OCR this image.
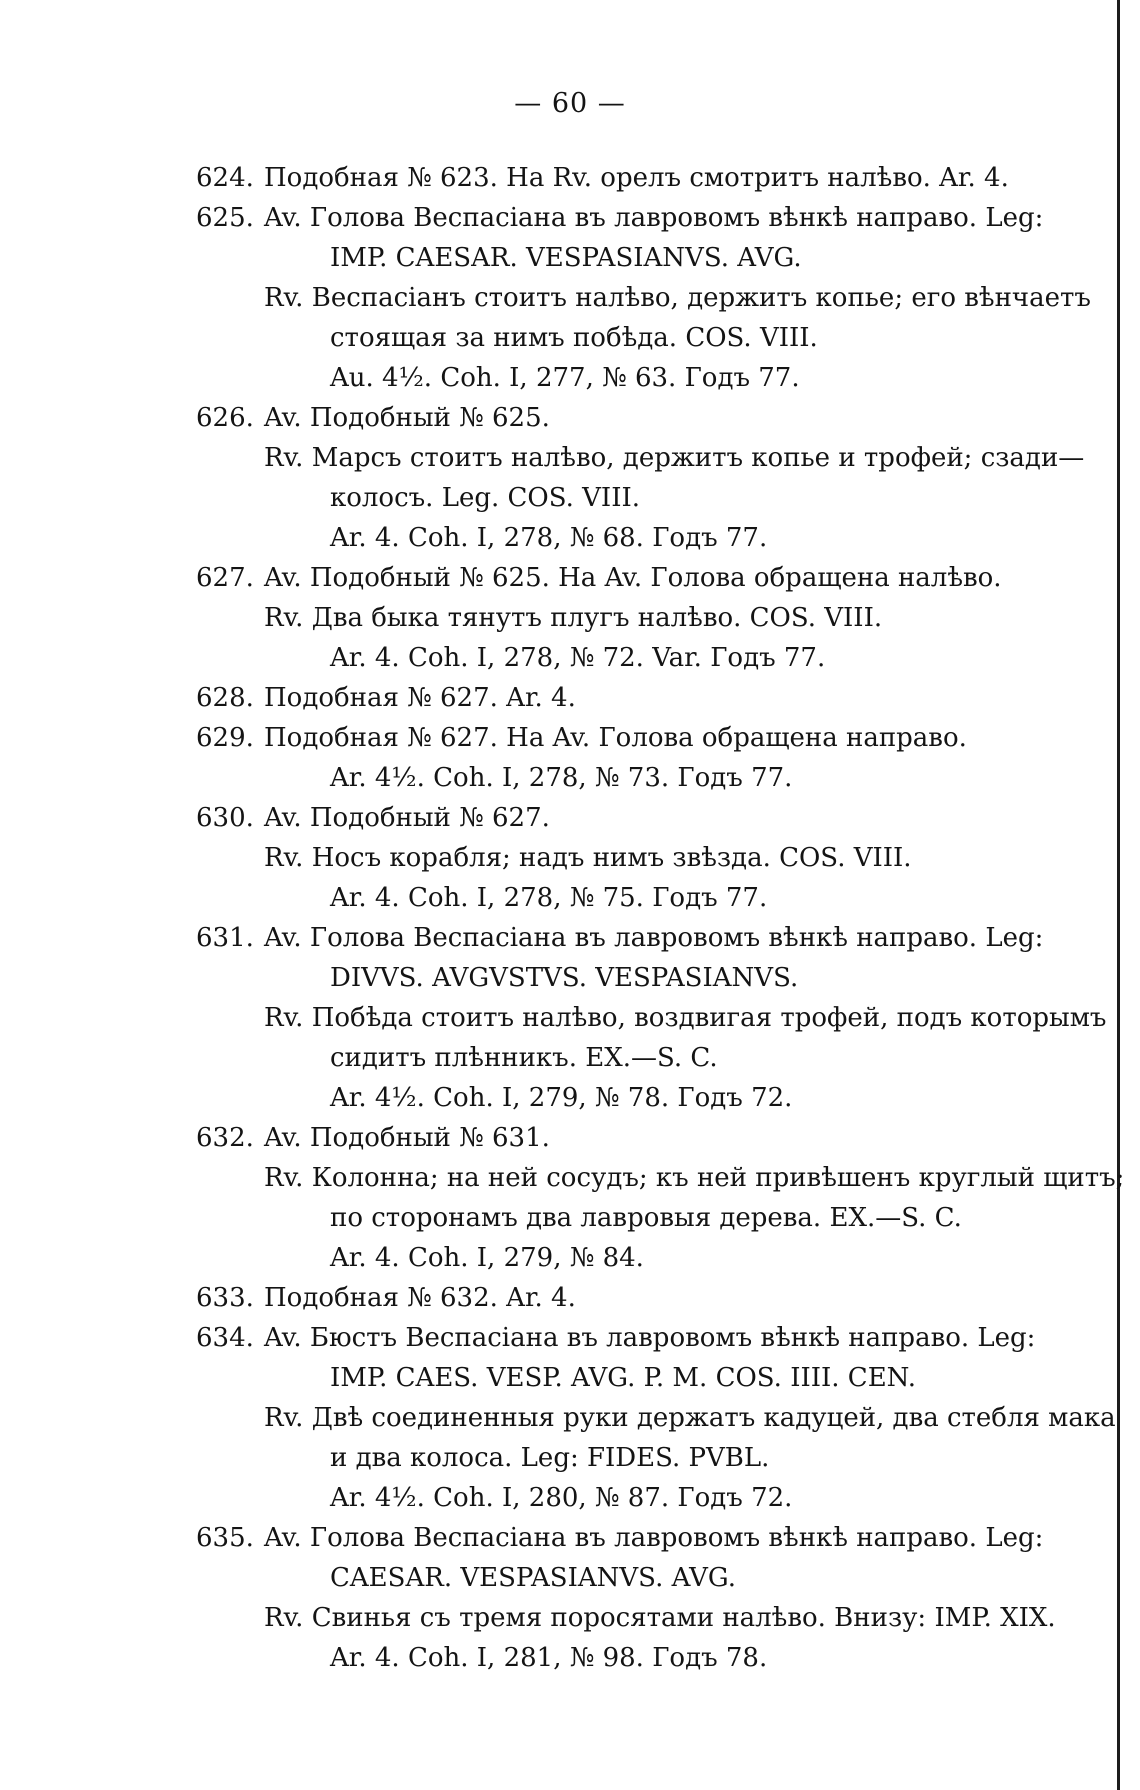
— 60 —
624. Подобная № 623. На Rv. орелъ смотритъ налѣво. Ar. 4.
625. Av. Голова Веспасіана въ лавровомъ вѣнкѣ направо. Leg:
IMP. CAESAR. VESPASIANVS. AVG.
Rv. Веспасіанъ стоитъ налѣво, держитъ копье; его вѣнчаетъ
стоящая за нимъ побѣда. COS. VIII.
Au. 4½. Coh. I, 277, № 63. Годъ 77.
626. Av. Подобный № 625.
Rv. Марсъ стоитъ налѣво, держитъ копье и трофей; сзади—
колосъ. Leg. COS. VIII.
Ar. 4. Coh. I, 278, № 68. Годъ 77.
627. Av. Подобный № 625. На Av. Голова обращена налѣво.
Rv. Два быка тянутъ плугъ налѣво. COS. VIII.
Ar. 4. Coh. I, 278, № 72. Var. Годъ 77.
628. Подобная № 627. Ar. 4.
629. Подобная № 627. На Av. Голова обращена направо.
Ar. 4½. Coh. I, 278, № 73. Годъ 77.
630. Av. Подобный № 627.
Rv. Носъ корабля; надъ нимъ звѣзда. COS. VIII.
Ar. 4. Coh. I, 278, № 75. Годъ 77.
631. Av. Голова Веспасіана въ лавровомъ вѣнкѣ направо. Leg:
DIVVS. AVGVSTVS. VESPASIANVS.
Rv. Побѣда стоитъ налѣво, воздвигая трофей, подъ которымъ
сидитъ плѣнникъ. EX.—S. C.
Ar. 4½. Coh. I, 279, № 78. Годъ 72.
632. Av. Подобный № 631.
Rv. Колонна; на ней сосудъ; къ ней привѣшенъ круглый щитъ;
по сторонамъ два лавровыя дерева. EX.—S. C.
Ar. 4. Coh. I, 279, № 84.
633. Подобная № 632. Ar. 4.
634. Av. Бюстъ Веспасіана въ лавровомъ вѣнкѣ направо. Leg:
IMP. CAES. VESP. AVG. P. M. COS. IIII. CEN.
Rv. Двѣ соединенныя руки держатъ кадуцей, два стебля мака
и два колоса. Leg: FIDES. PVBL.
Ar. 4½. Coh. I, 280, № 87. Годъ 72.
635. Av. Голова Веспасіана въ лавровомъ вѣнкѣ направо. Leg:
CAESAR. VESPASIANVS. AVG.
Rv. Свинья съ тремя поросятами налѣво. Внизу: IMP. XIX.
Ar. 4. Coh. I, 281, № 98. Годъ 78.
